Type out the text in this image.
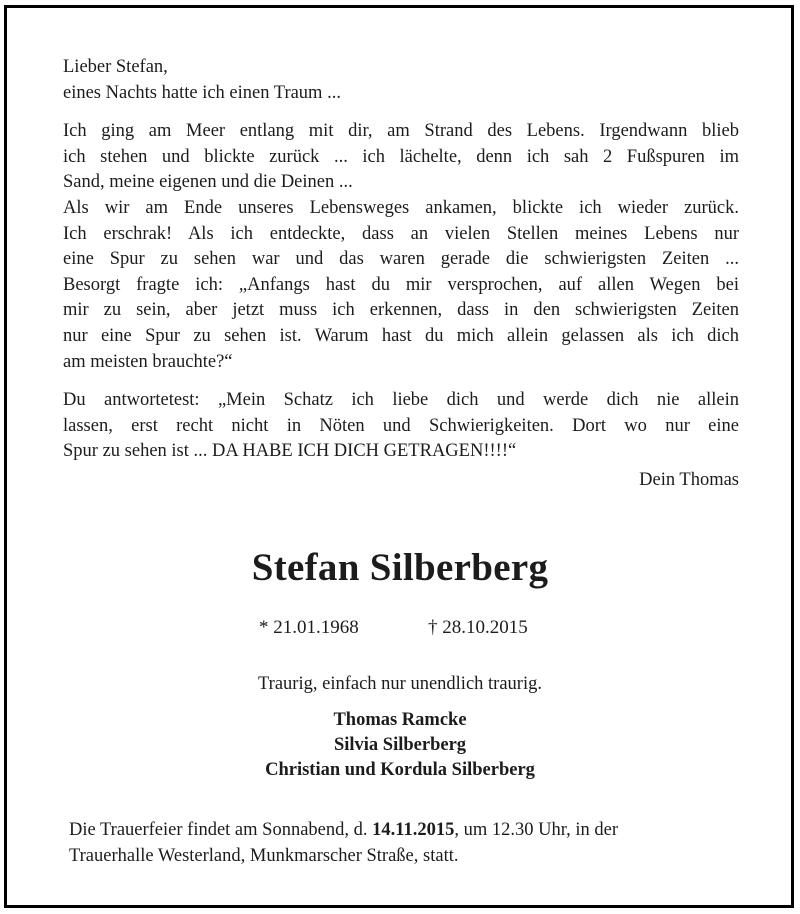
Lieber Stefan,

eines Nachts hatte ich einen Traum ...

Ich ging am Meer entlang mit dir, am Strand des Lebens. Irgendwann blieb
ich stehen und blickte zurück ... ich lächelte, denn ich sah 2 Fußspuren im
Sand, meine eigenen und die Deinen ...
Als wir am Ende unseres Lebensweges ankamen, blickte ich wieder zurück.
Ich erschrak! Als ich entdeckte, dass an vielen Stellen meines Lebens nur
eine Spur zu sehen war und das waren gerade die schwierigsten Zeiten ...
Besorgt fragte ich: „Anfangs hast du mir versprochen, auf allen Wegen bei
mir zu sein, aber jetzt muss ich erkennen, dass in den schwierigsten Zeiten
nur eine Spur zu sehen ist. Warum hast du mich allein gelassen als ich dich
am meisten brauchte?“

Du antwortetest: „Mein Schatz ich liebe dich und werde dich nie allein
lassen, erst recht nicht in Nöten und Schwierigkeiten. Dort wo nur eine
Spur zu sehen ist ... DA HABE ICH DICH GETRAGEN!!!!“

Dein Thomas

Stefan Silberberg
* 21.01.1968	† 28.10.2015
Traurig, einfach nur unendlich traurig.
Thomas Ramcke
Silvia Silberberg
Christian und Kordula Silberberg
Die Trauerfeier findet am Sonnabend, d. 14.11.2015, um 12.30 Uhr, in der
Trauerhalle Westerland, Munkmarscher Straße, statt.
